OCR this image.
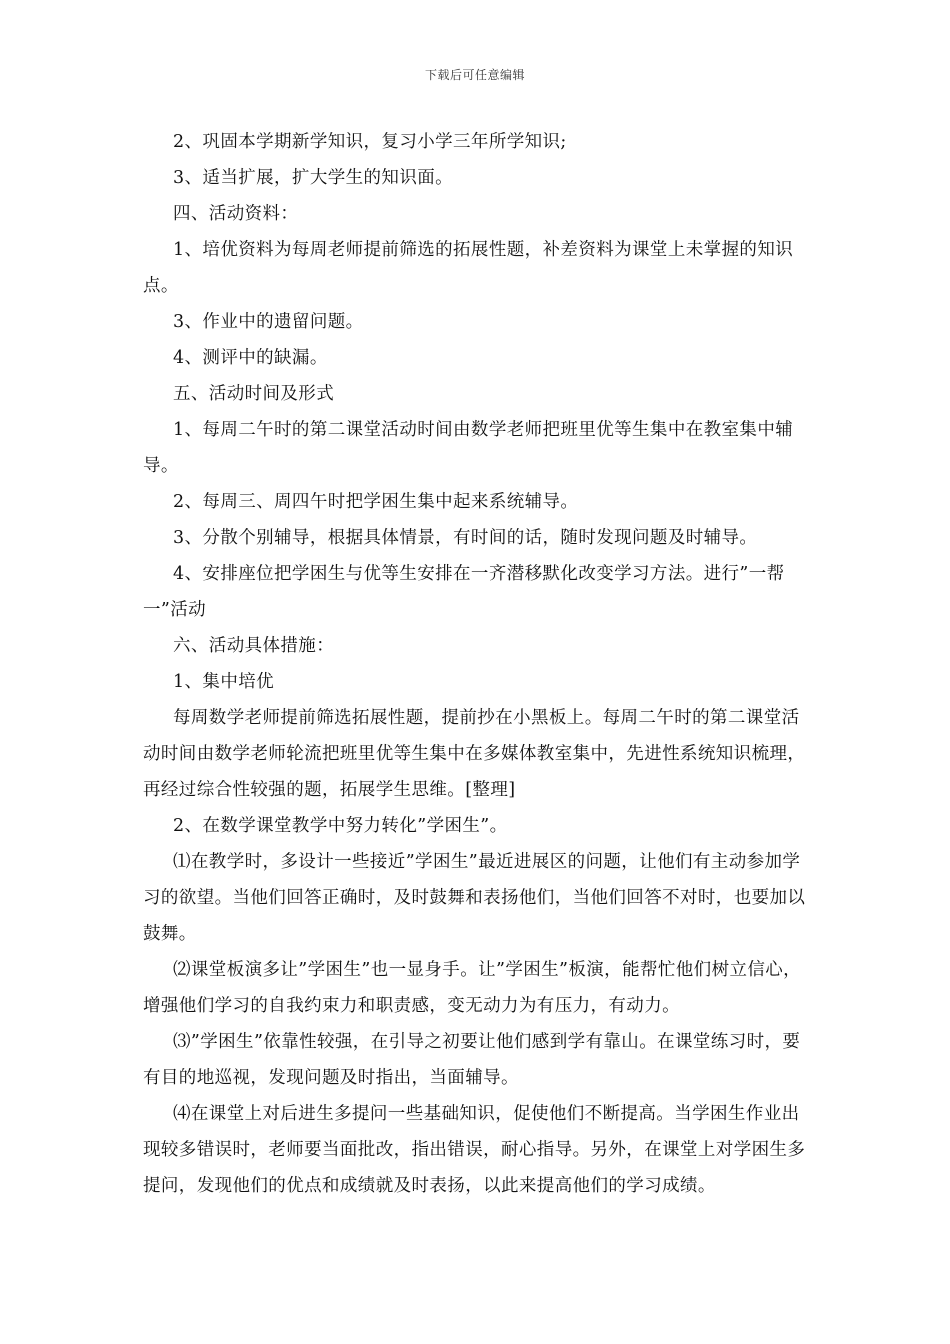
下载后可任意编辑

2、巩固本学期新学知识，复习小学三年所学知识;

3、适当扩展，扩大学生的知识面。

四、活动资料：

1、培优资料为每周老师提前筛选的拓展性题，补差资料为课堂上未掌握的知识点。

3、作业中的遗留问题。

4、测评中的缺漏。

五、活动时间及形式

1、每周二午时的第二课堂活动时间由数学老师把班里优等生集中在教室集中辅导。

2、每周三、周四午时把学困生集中起来系统辅导。

3、分散个别辅导，根据具体情景，有时间的话，随时发现问题及时辅导。

4、安排座位把学困生与优等生安排在一齐潜移默化改变学习方法。进行”一帮一”活动

六、活动具体措施：

1、集中培优

每周数学老师提前筛选拓展性题，提前抄在小黑板上。每周二午时的第二课堂活动时间由数学老师轮流把班里优等生集中在多媒体教室集中，先进性系统知识梳理，再经过综合性较强的题，拓展学生思维。[整理]

2、在数学课堂教学中努力转化”学困生”。

⑴在教学时，多设计一些接近”学困生”最近进展区的问题，让他们有主动参加学习的欲望。当他们回答正确时，及时鼓舞和表扬他们，当他们回答不对时，也要加以鼓舞。

⑵课堂板演多让”学困生”也一显身手。让”学困生”板演，能帮忙他们树立信心，增强他们学习的自我约束力和职责感，变无动力为有压力，有动力。

⑶”学困生”依靠性较强，在引导之初要让他们感到学有靠山。在课堂练习时，要有目的地巡视，发现问题及时指出，当面辅导。

⑷在课堂上对后进生多提问一些基础知识，促使他们不断提高。当学困生作业出现较多错误时，老师要当面批改，指出错误，耐心指导。另外，在课堂上对学困生多提问，发现他们的优点和成绩就及时表扬，以此来提高他们的学习成绩。
